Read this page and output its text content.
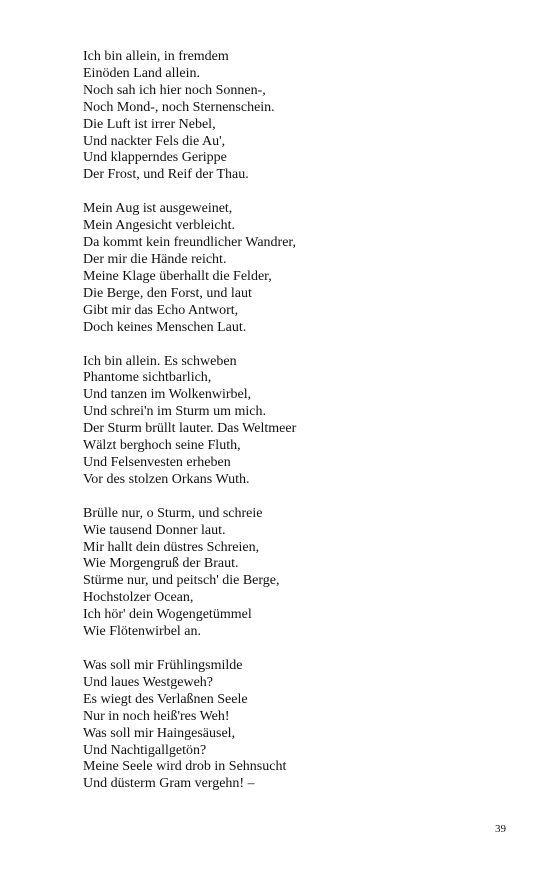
Ich bin allein, in fremdem
Einöden Land allein.
Noch sah ich hier noch Sonnen-,
Noch Mond-, noch Sternenschein.
Die Luft ist irrer Nebel,
Und nackter Fels die Au',
Und klapperndes Gerippe
Der Frost, und Reif der Thau.
Mein Aug ist ausgeweinet,
Mein Angesicht verbleicht.
Da kommt kein freundlicher Wandrer,
Der mir die Hände reicht.
Meine Klage überhallt die Felder,
Die Berge, den Forst, und laut
Gibt mir das Echo Antwort,
Doch keines Menschen Laut.
Ich bin allein. Es schweben
Phantome sichtbarlich,
Und tanzen im Wolkenwirbel,
Und schrei'n im Sturm um mich.
Der Sturm brüllt lauter. Das Weltmeer
Wälzt berghoch seine Fluth,
Und Felsenvesten erheben
Vor des stolzen Orkans Wuth.
Brülle nur, o Sturm, und schreie
Wie tausend Donner laut.
Mir hallt dein düstres Schreien,
Wie Morgengruß der Braut.
Stürme nur, und peitsch' die Berge,
Hochstolzer Ocean,
Ich hör' dein Wogengetümmel
Wie Flötenwirbel an.
Was soll mir Frühlingsmilde
Und laues Westgeweh?
Es wiegt des Verlaßnen Seele
Nur in noch heiß'res Weh!
Was soll mir Haingesäusel,
Und Nachtigallgetön?
Meine Seele wird drob in Sehnsucht
Und düsterm Gram vergehn! –
39
